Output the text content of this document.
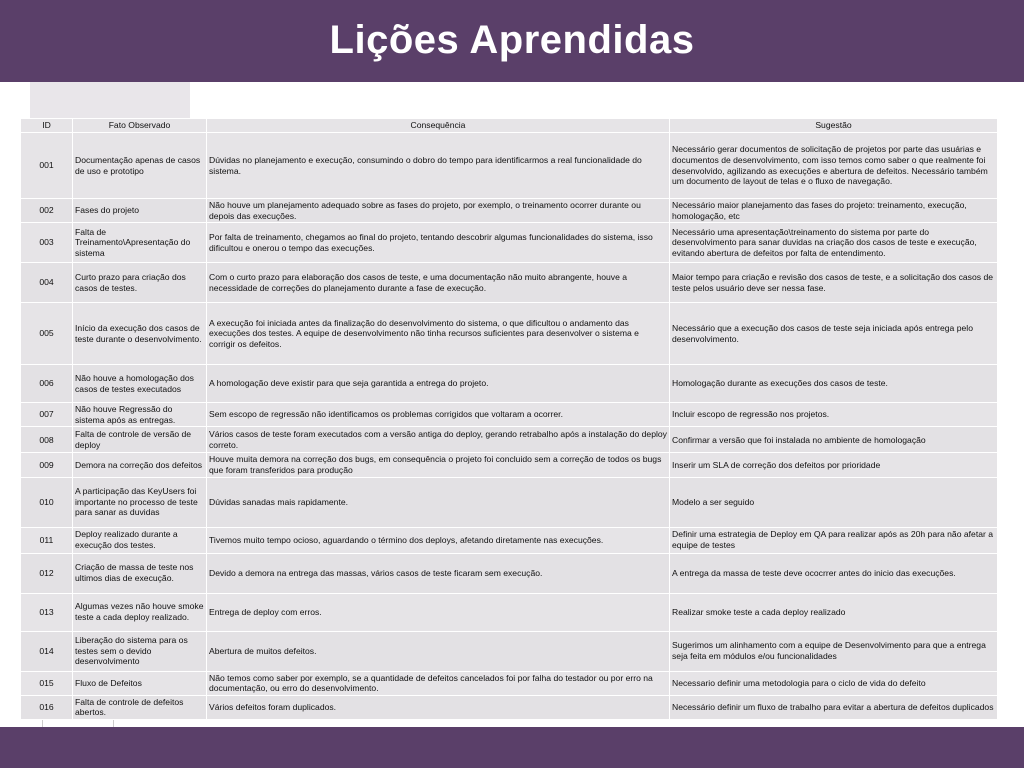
Lições Aprendidas
ID	Fato Observado	Consequência	Sugestão
001	Documentação apenas de casos de uso e prototipo	Dúvidas no planejamento e execução, consumindo o dobro do tempo para identificarmos a real funcionalidade do sistema.	Necessário gerar documentos de solicitação de projetos por parte das usuárias e documentos de desenvolvimento, com isso temos como saber o que realmente foi desenvolvido, agilizando as execuções e abertura de defeitos. Necessário também um documento de layout de telas e o fluxo de navegação.
002	Fases do projeto	Não houve um planejamento adequado sobre as fases do projeto, por exemplo, o treinamento ocorrer durante ou depois das execuções.	Necessário maior planejamento das fases do projeto: treinamento, execução, homologação, etc
003	Falta de Treinamento\Apresentação do sistema	Por falta de treinamento, chegamos ao final do projeto, tentando descobrir algumas funcionalidades do sistema, isso dificultou e onerou o tempo das execuções.	Necessário uma apresentação\treinamento do sistema por parte do desenvolvimento para sanar duvidas na criação dos casos de teste e execução, evitando abertura de defeitos por falta de entendimento.
004	Curto prazo para criação dos casos de testes.	Com o curto prazo para elaboração dos casos de teste, e uma documentação não muito abrangente, houve a necessidade de correções do planejamento durante a fase de execução.	Maior tempo para criação e revisão dos casos de teste, e a solicitação dos casos de teste pelos usuário deve ser nessa fase.
005	Início da execução dos casos de teste durante o desenvolvimento.	A execução foi iniciada antes da finalização do desenvolvimento do sistema, o que dificultou o andamento das execuções dos testes. A equipe de desenvolvimento não tinha recursos suficientes para desenvolver o sistema e corrigir os defeitos.	Necessário que a execução dos casos de teste seja iniciada após entrega pelo desenvolvimento.
006	Não houve a homologação dos casos de testes executados	A homologação deve existir para que seja garantida a entrega do projeto.	Homologação durante as execuções dos casos de teste.
007	Não houve Regressão do sistema após as entregas.	Sem escopo de regressão não identificamos os problemas corrigidos que voltaram a ocorrer.	Incluir escopo de regressão nos projetos.
008	Falta de controle de versão de deploy	Vários casos de teste foram executados com a versão antiga do deploy, gerando retrabalho após a instalação do deploy correto.	Confirmar a versão que foi instalada no ambiente de homologação
009	Demora na correção dos defeitos	Houve muita demora na correção dos bugs, em consequência o projeto foi concluido sem a correção de todos os bugs que foram transferidos para produção	Inserir um SLA de correção dos defeitos por prioridade
010	A participação das KeyUsers foi importante no processo de teste para sanar as duvidas	Dúvidas sanadas mais rapidamente.	Modelo a ser seguido
011	Deploy realizado durante a execução dos testes.	Tivemos muito tempo ocioso, aguardando o término dos deploys, afetando diretamente nas execuções.	Definir uma estrategia de Deploy em QA para realizar após as 20h para não afetar a equipe de testes
012	Criação de massa de teste nos ultimos dias de execução.	Devido a demora na entrega das massas, vários casos de teste ficaram sem execução.	A entrega da massa de teste deve ococrrer antes do inicio das execuções.
013	Algumas vezes não houve smoke teste a cada deploy realizado.	Entrega de deploy com erros.	Realizar smoke teste a cada deploy realizado
014	Liberação do sistema para os testes sem o devido desenvolvimento	Abertura de muitos defeitos.	Sugerimos um alinhamento com a equipe de Desenvolvimento para que a entrega seja feita em módulos e/ou funcionalidades
015	Fluxo de Defeitos	Não temos como saber por exemplo, se a quantidade de defeitos cancelados foi por falha do testador ou por erro na documentação, ou erro do desenvolvimento.	Necessario definir uma metodologia para o ciclo de vida do defeito
016	Falta de controle de defeitos abertos.	Vários defeitos foram duplicados.	Necessário definir um fluxo de trabalho para evitar a abertura de defeitos duplicados
